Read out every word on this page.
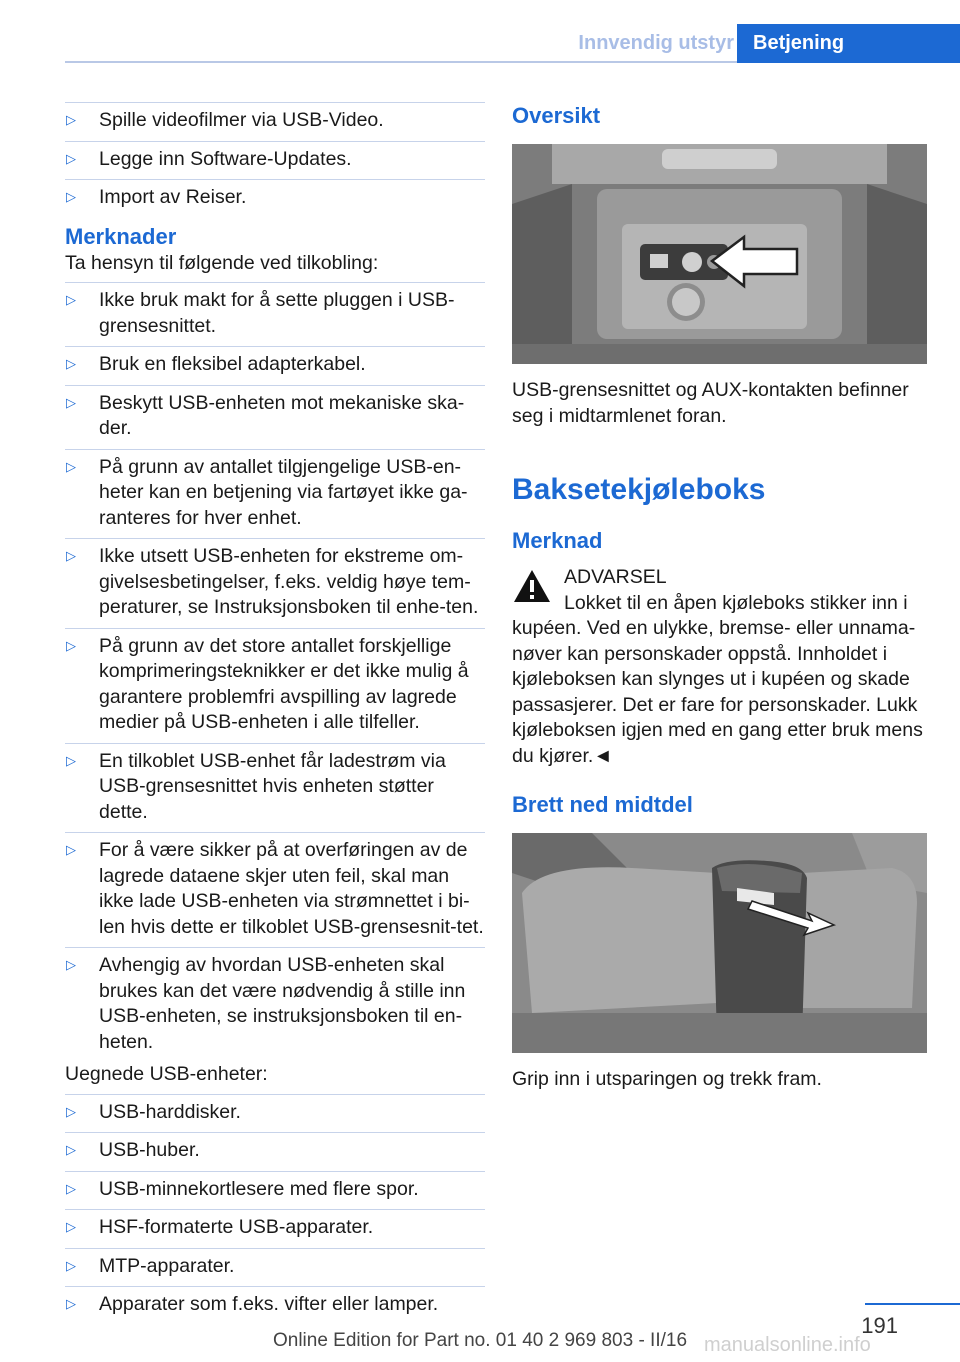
Innvendig utstyr Betjening
▷ Spille videofilmer via USB-Video.
▷ Legge inn Software-Updates.
▷ Import av Reiser.
Merknader

Ta hensyn til følgende ved tilkobling:

▷ Ikke bruk makt for å sette pluggen i USB-grensesnittet.
▷ Bruk en fleksibel adapterkabel.
▷ Beskytt USB-enheten mot mekaniske ska-der.
▷ På grunn av antallet tilgjengelige USB-en-heter kan en betjening via fartøyet ikke ga-ranteres for hver enhet.
▷ Ikke utsett USB-enheten for ekstreme om-givelsesbetingelser, f.eks. veldig høye tem-peraturer, se Instruksjonsboken til enhe-ten.
▷ På grunn av det store antallet forskjellige komprimeringsteknikker er det ikke mulig å garantere problemfri avspilling av lagrede medier på USB-enheten i alle tilfeller.
▷ En tilkoblet USB-enhet får ladestrøm via USB-grensesnittet hvis enheten støtter dette.
▷ For å være sikker på at overføringen av de lagrede dataene skjer uten feil, skal man ikke lade USB-enheten via strømnettet i bi-len hvis dette er tilkoblet USB-grensesnit-tet.
▷ Avhengig av hvordan USB-enheten skal brukes kan det være nødvendig å stille inn USB-enheten, se instruksjonsboken til en-heten.

Uegnede USB-enheter:

▷ USB-harddisker.
▷ USB-huber.
▷ USB-minnekortlesere med flere spor.
▷ HSF-formaterte USB-apparater.
▷ MTP-apparater.
▷ Apparater som f.eks. vifter eller lamper.
Oversikt

USB-grensesnittet og AUX-kontakten befinner seg i midtarmlenet foran.

Baksetekjøleboks
Merknad

ADVARSEL

Lokket til en åpen kjøleboks stikker inn i kupéen. Ved en ulykke, bremse- eller unnama-nøver kan personskader oppstå. Innholdet i kjøleboksen kan slynges ut i kupéen og skade passasjerer. Det er fare for personskader. Lukk kjøleboksen igjen med en gang etter bruk mens du kjører.◄

Brett ned midtdel

Grip inn i utsparingen og trekk fram.

191
Online Edition for Part no. 01 40 2 969 803 - II/16 manualsonline.info
